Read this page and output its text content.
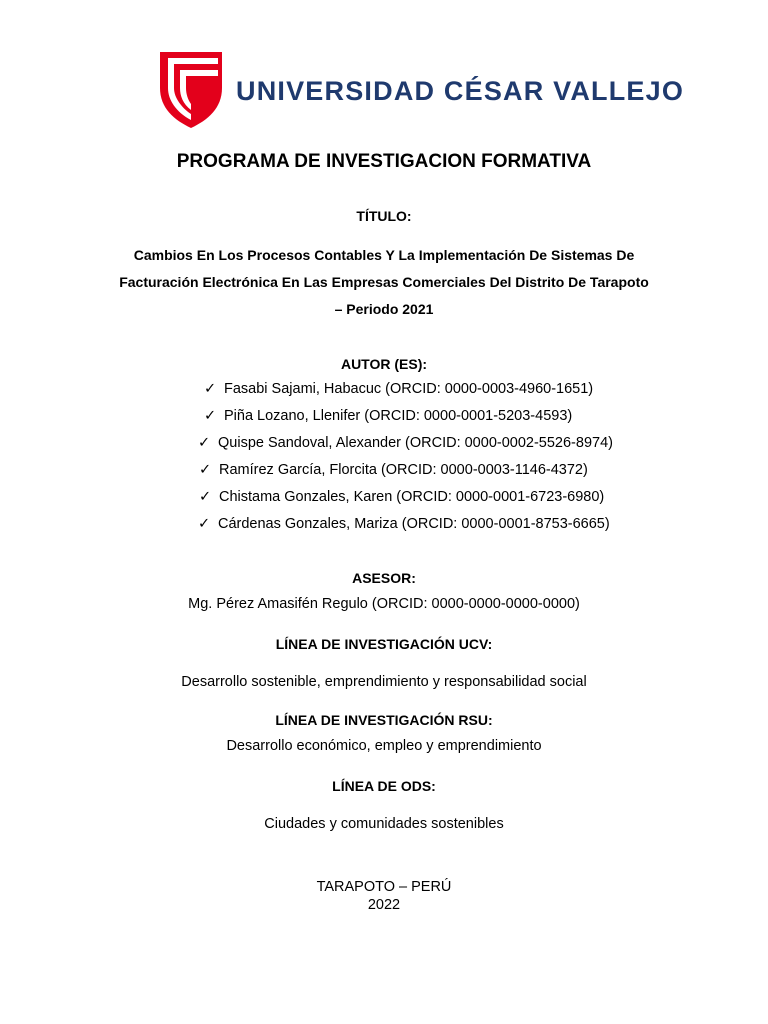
UNIVERSIDAD CÉSAR VALLEJO
PROGRAMA DE INVESTIGACION FORMATIVA
TÍTULO:
Cambios En Los Procesos Contables Y La Implementación De Sistemas De
Facturación Electrónica En Las Empresas Comerciales Del Distrito De Tarapoto
– Periodo 2021
AUTOR (ES):
✓ Fasabi Sajami, Habacuc (ORCID: 0000-0003-4960-1651)
✓ Piña Lozano, Llenifer (ORCID: 0000-0001-5203-4593)
✓ Quispe Sandoval, Alexander (ORCID: 0000-0002-5526-8974)
✓ Ramírez García, Florcita (ORCID: 0000-0003-1146-4372)
✓ Chistama Gonzales, Karen (ORCID: 0000-0001-6723-6980)
✓ Cárdenas Gonzales, Mariza (ORCID: 0000-0001-8753-6665)
ASESOR:
Mg. Pérez Amasifén Regulo (ORCID: 0000-0000-0000-0000)
LÍNEA DE INVESTIGACIÓN UCV:
Desarrollo sostenible, emprendimiento y responsabilidad social
LÍNEA DE INVESTIGACIÓN RSU:
Desarrollo económico, empleo y emprendimiento
LÍNEA DE ODS:
Ciudades y comunidades sostenibles
TARAPOTO – PERÚ
2022
